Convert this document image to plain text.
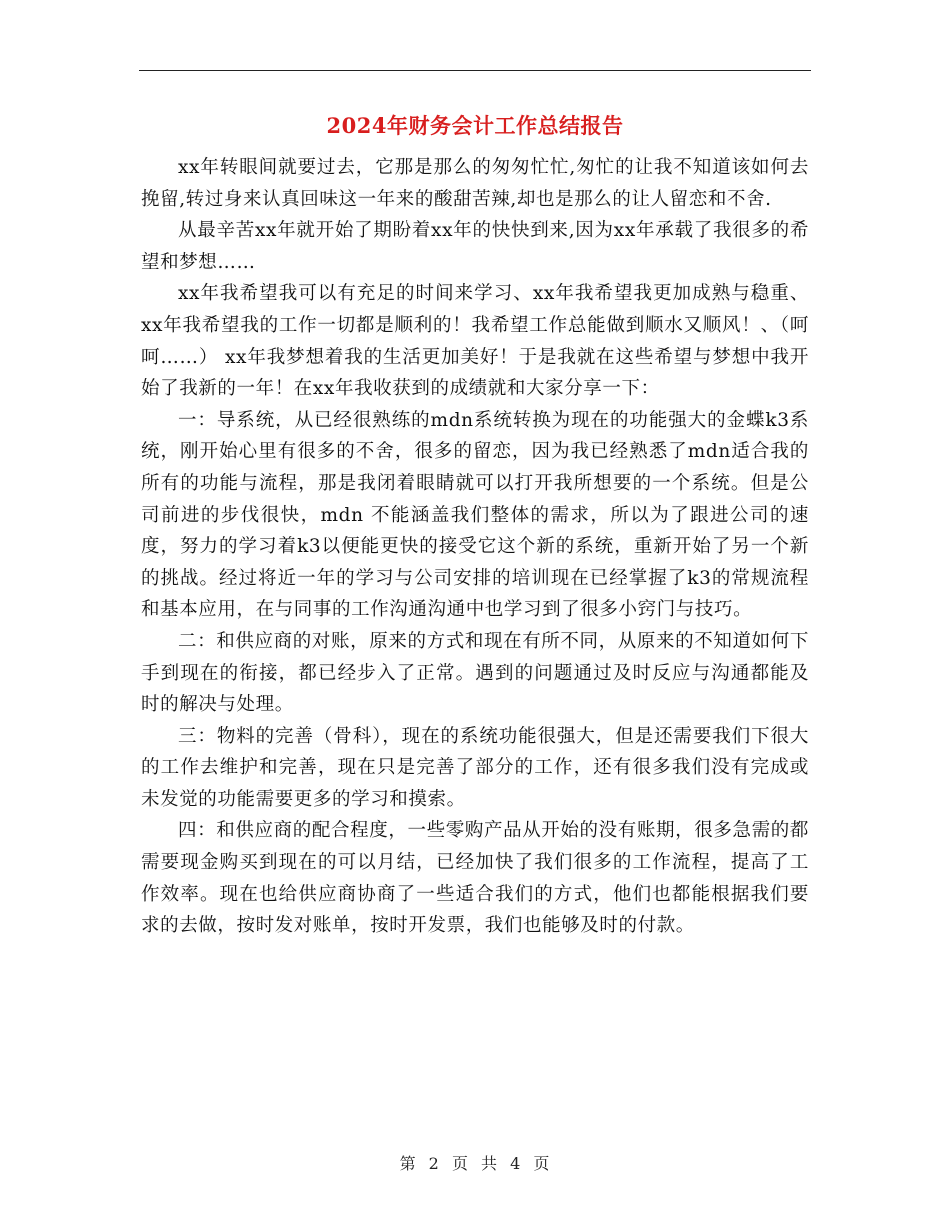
2024年财务会计工作总结报告

xx年转眼间就要过去，它那是那么的匆匆忙忙,匆忙的让我不知道该如何去挽留,转过身来认真回味这一年来的酸甜苦辣,却也是那么的让人留恋和不舍.

从最辛苦xx年就开始了期盼着xx年的快快到来,因为xx年承载了我很多的希望和梦想……

xx年我希望我可以有充足的时间来学习、xx年我希望我更加成熟与稳重、xx年我希望我的工作一切都是顺利的！我希望工作总能做到顺水又顺风！、（呵呵……） xx年我梦想着我的生活更加美好！于是我就在这些希望与梦想中我开始了我新的一年！在xx年我收获到的成绩就和大家分享一下：

一：导系统，从已经很熟练的mdn系统转换为现在的功能强大的金蝶k3系统，刚开始心里有很多的不舍，很多的留恋，因为我已经熟悉了mdn适合我的所有的功能与流程，那是我闭着眼睛就可以打开我所想要的一个系统。但是公司前进的步伐很快，mdn 不能涵盖我们整体的需求，所以为了跟进公司的速度，努力的学习着k3以便能更快的接受它这个新的系统，重新开始了另一个新的挑战。经过将近一年的学习与公司安排的培训现在已经掌握了k3的常规流程和基本应用，在与同事的工作沟通沟通中也学习到了很多小窍门与技巧。

二：和供应商的对账，原来的方式和现在有所不同，从原来的不知道如何下手到现在的衔接，都已经步入了正常。遇到的问题通过及时反应与沟通都能及时的解决与处理。

三：物料的完善（骨科），现在的系统功能很强大，但是还需要我们下很大的工作去维护和完善，现在只是完善了部分的工作，还有很多我们没有完成或未发觉的功能需要更多的学习和摸索。

四：和供应商的配合程度，一些零购产品从开始的没有账期，很多急需的都需要现金购买到现在的可以月结，已经加快了我们很多的工作流程，提高了工作效率。现在也给供应商协商了一些适合我们的方式，他们也都能根据我们要求的去做，按时发对账单，按时开发票，我们也能够及时的付款。

第 2 页 共 4 页
